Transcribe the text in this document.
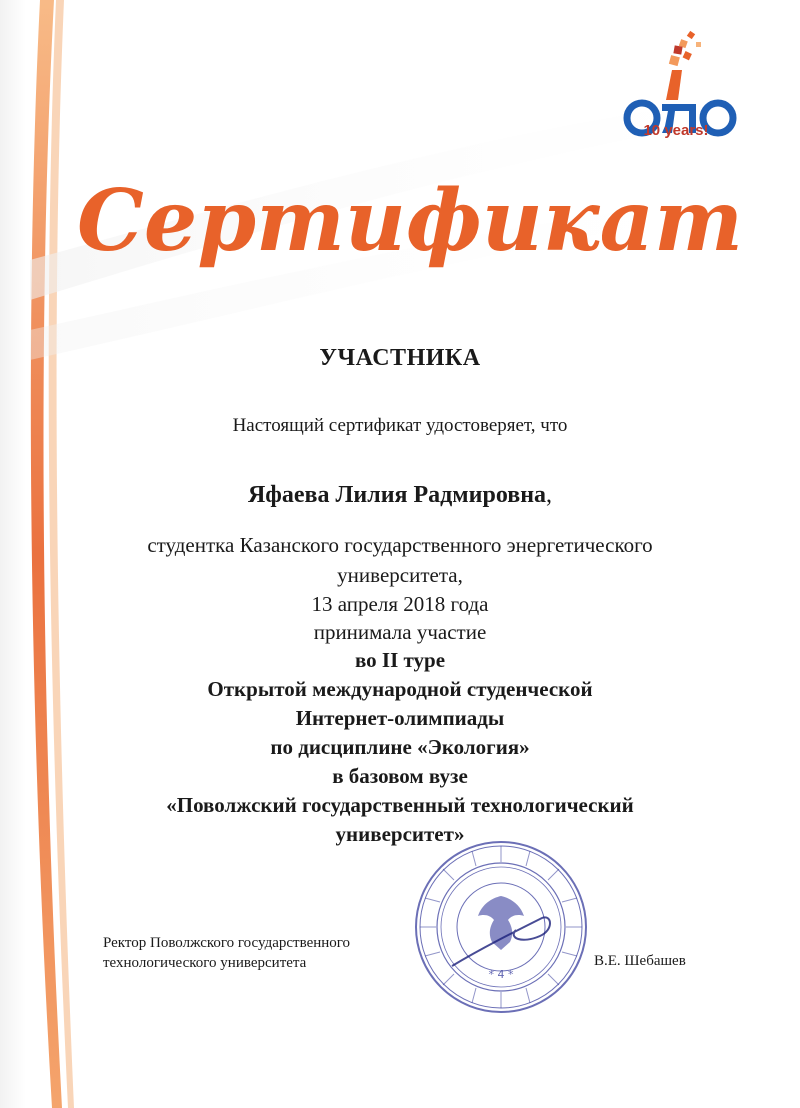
10 years!
Сертификат
УЧАСТНИКА
Настоящий сертификат удостоверяет, что
Яфаева Лилия Радмировна,
студентка Казанского государственного энергетического
университета,
13 апреля 2018 года
принимала участие
во II туре
Открытой международной студенческой
Интернет-олимпиады
по дисциплине «Экология»
в базовом вузе
«Поволжский государственный технологический
университет»
* 4 *
Ректор Поволжского государственного
технологического университета	В.Е. Шебашев
